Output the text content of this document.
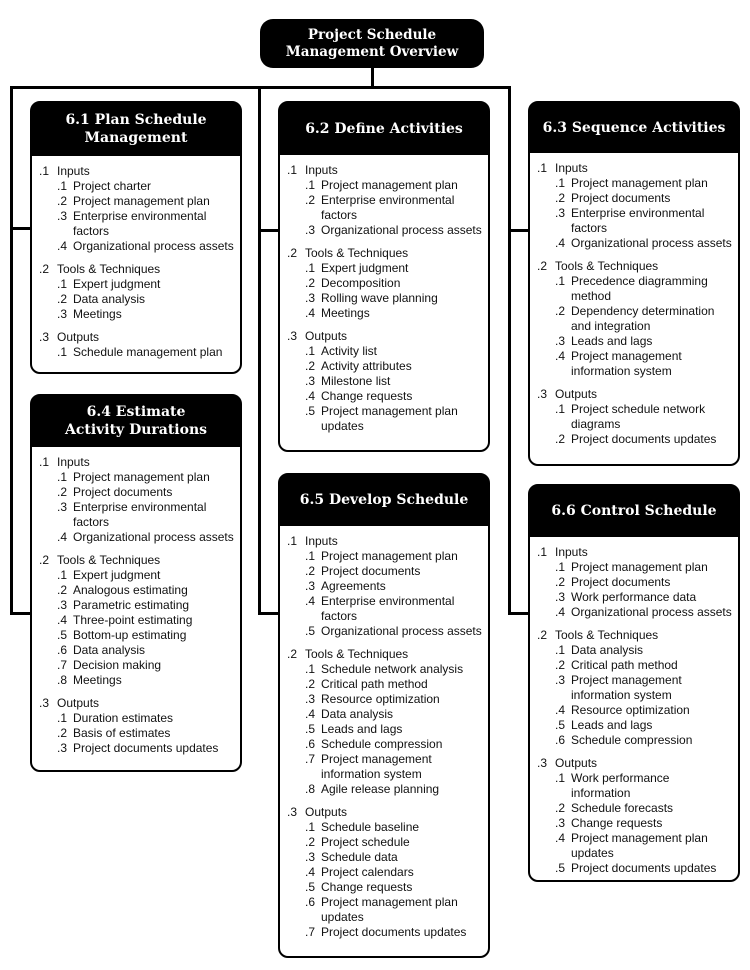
Project Schedule
Management Overview
6.1 Plan Schedule
Management
.1 Inputs
.1 Project charter
.2 Project management plan
.3 Enterprise environmental factors
.4 Organizational process assets
.2 Tools & Techniques
.1 Expert judgment
.2 Data analysis
.3 Meetings
.3 Outputs
.1 Schedule management plan
6.2 Define Activities
.1 Inputs
.1 Project management plan
.2 Enterprise environmental factors
.3 Organizational process assets
.2 Tools & Techniques
.1 Expert judgment
.2 Decomposition
.3 Rolling wave planning
.4 Meetings
.3 Outputs
.1 Activity list
.2 Activity attributes
.3 Milestone list
.4 Change requests
.5 Project management plan updates
6.3 Sequence Activities
.1 Inputs
.1 Project management plan
.2 Project documents
.3 Enterprise environmental factors
.4 Organizational process assets
.2 Tools & Techniques
.1 Precedence diagramming method
.2 Dependency determination and integration
.3 Leads and lags
.4 Project management information system
.3 Outputs
.1 Project schedule network diagrams
.2 Project documents updates
6.4 Estimate
Activity Durations
.1 Inputs
.1 Project management plan
.2 Project documents
.3 Enterprise environmental factors
.4 Organizational process assets
.2 Tools & Techniques
.1 Expert judgment
.2 Analogous estimating
.3 Parametric estimating
.4 Three-point estimating
.5 Bottom-up estimating
.6 Data analysis
.7 Decision making
.8 Meetings
.3 Outputs
.1 Duration estimates
.2 Basis of estimates
.3 Project documents updates
6.5 Develop Schedule
.1 Inputs
.1 Project management plan
.2 Project documents
.3 Agreements
.4 Enterprise environmental factors
.5 Organizational process assets
.2 Tools & Techniques
.1 Schedule network analysis
.2 Critical path method
.3 Resource optimization
.4 Data analysis
.5 Leads and lags
.6 Schedule compression
.7 Project management information system
.8 Agile release planning
.3 Outputs
.1 Schedule baseline
.2 Project schedule
.3 Schedule data
.4 Project calendars
.5 Change requests
.6 Project management plan updates
.7 Project documents updates
6.6 Control Schedule
.1 Inputs
.1 Project management plan
.2 Project documents
.3 Work performance data
.4 Organizational process assets
.2 Tools & Techniques
.1 Data analysis
.2 Critical path method
.3 Project management information system
.4 Resource optimization
.5 Leads and lags
.6 Schedule compression
.3 Outputs
.1 Work performance information
.2 Schedule forecasts
.3 Change requests
.4 Project management plan updates
.5 Project documents updates
